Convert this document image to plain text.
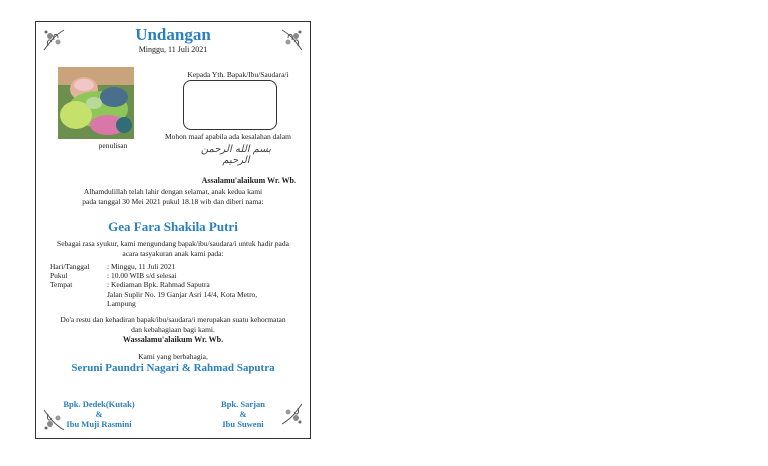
Undangan
Minggu, 11 Juli 2021
penulisan
Kepada Yth. Bapak/Ibu/Saudara/i
Mohon maaf apabila ada kesalahan dalam
بسم الله الرحمن الرحيم
Assalamu'alaikum Wr. Wb.
Alhamdulillah telah lahir dengan selamat, anak kedua kami
pada tanggal 30 Mei 2021 pukul 18.18 wib dan diberi nama:
Gea Fara Shakila Putri
Sebagai rasa syukur, kami mengundang bapak/ibu/saudara/i untuk hadir pada
acara tasyakuran anak kami pada:
Hari/Tanggal	: Minggu, 11 Juli 2021
Pukul	: 10.00 WIB s/d selesai
Tempat	: Kediaman Bpk. Rahmad Saputra
Jalan Suplir No. 19 Ganjar Asri 14/4, Kota Metro,
Lampung
Do'a restu dan kehadiran bapak/ibu/saudara/i merupakan suatu kehormatan
dan kebahagiaan bagi kami.
Wassalamu'alaikum Wr. Wb.
Kami yang berbahagia,
Seruni Paundri Nagari & Rahmad Saputra
Bpk. Dedek(Kutak)
&
Ibu Muji Rasmini
Bpk. Sarjan
&
Ibu Suweni
